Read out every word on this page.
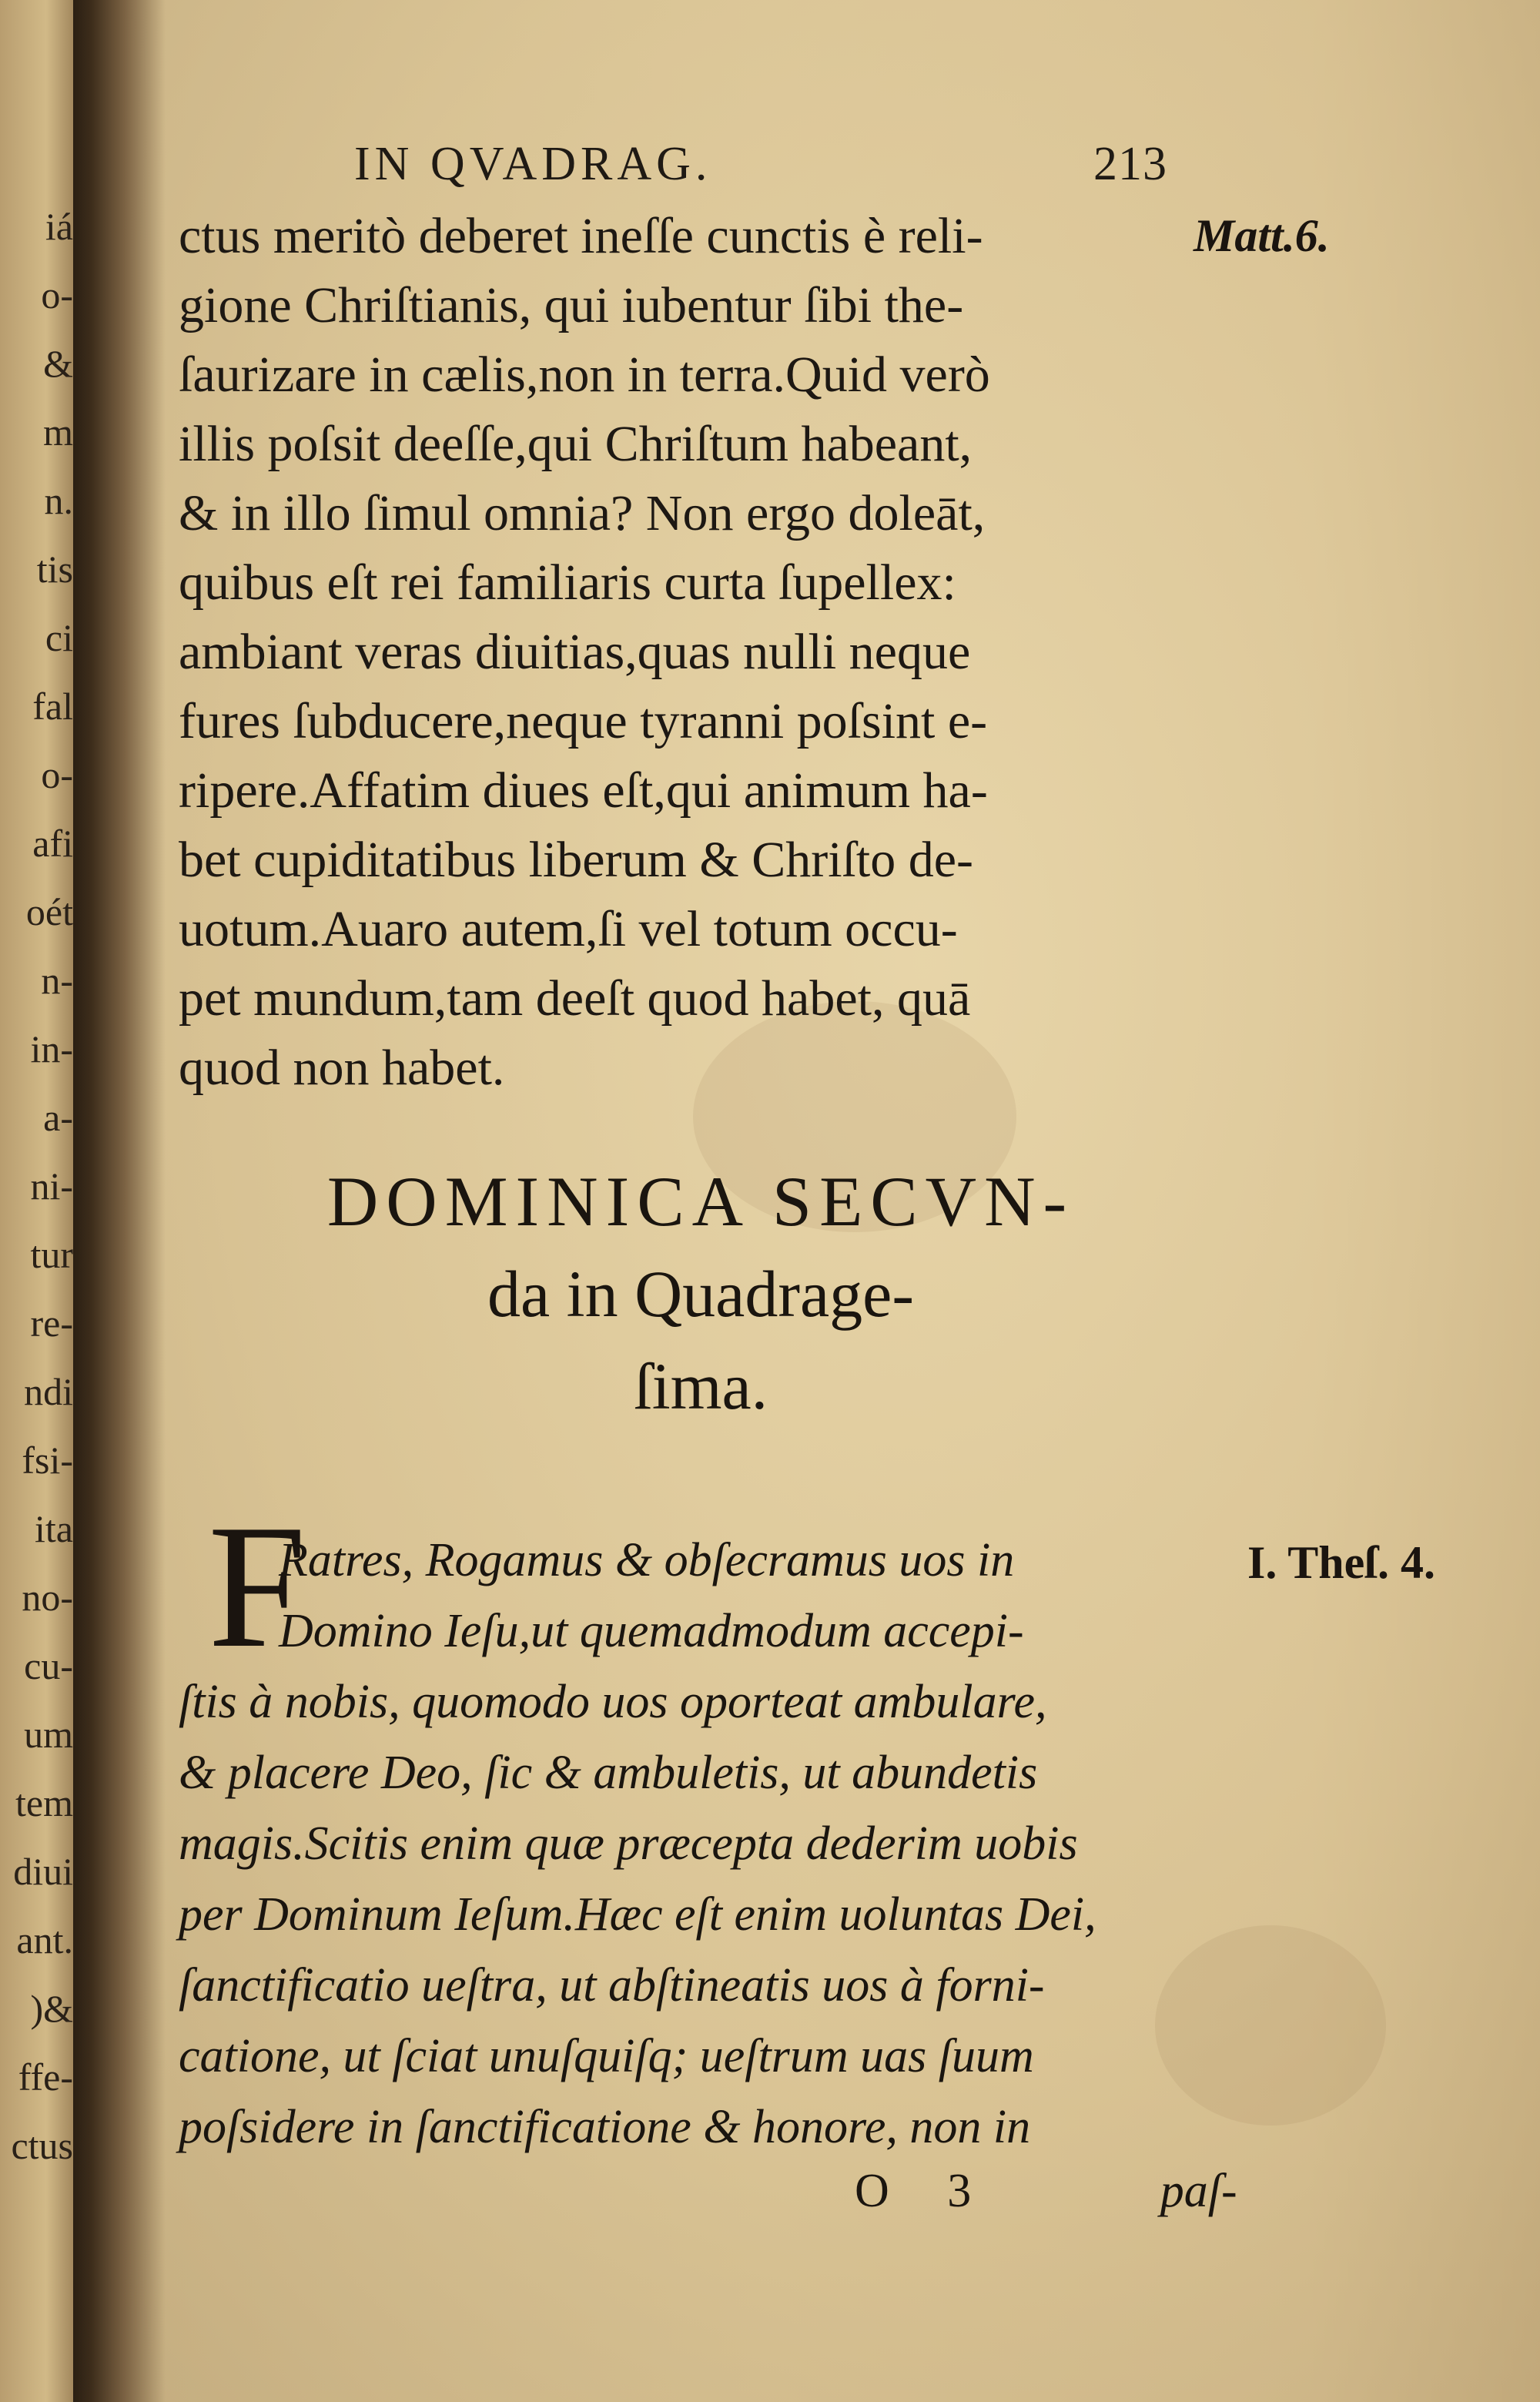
iá
o-
&
m
n.
tis
ci
fal
o-
afi
oét
n-
in-
a-
ni-
tur
re-
ndi
fsi-
ita
no-
cu-
um
tem
diui
ant.
)&
ffe-
ctus
IN QVADRAG.	213
ctus meritò deberet ineſſe cunctis è reli-
gione Chriſtianis, qui iubentur ſibi the-
ſaurizare in cælis,non in terra.Quid verò
illis poſsit deeſſe,qui Chriſtum habeant,
& in illo ſimul omnia? Non ergo doleāt,
quibus eſt rei familiaris curta ſupellex:
ambiant veras diuitias,quas nulli neque
fures ſubducere,neque tyranni poſsint e-
ripere.Affatim diues eſt,qui animum ha-
bet cupiditatibus liberum & Chriſto de-
uotum.Auaro autem,ſi vel totum occu-
pet mundum,tam deeſt quod habet, quā
quod non habet.
Matt.6.
DOMINICA SECVN-
da in Quadrage-
ſima.
F
Ratres, Rogamus & obſecramus uos in
Domino Ieſu,ut quemadmodum accepi-
ſtis à nobis, quomodo uos oporteat ambulare,
& placere Deo, ſic & ambuletis, ut abundetis
magis.Scitis enim quæ præcepta dederim uobis
per Dominum Ieſum.Hæc eſt enim uoluntas Dei,
ſanctificatio ueſtra, ut abſtineatis uos à forni-
catione, ut ſciat unuſquiſq; ueſtrum uas ſuum
poſsidere in ſanctificatione & honore, non in
I. Theſ. 4.
O 3	paſ-
